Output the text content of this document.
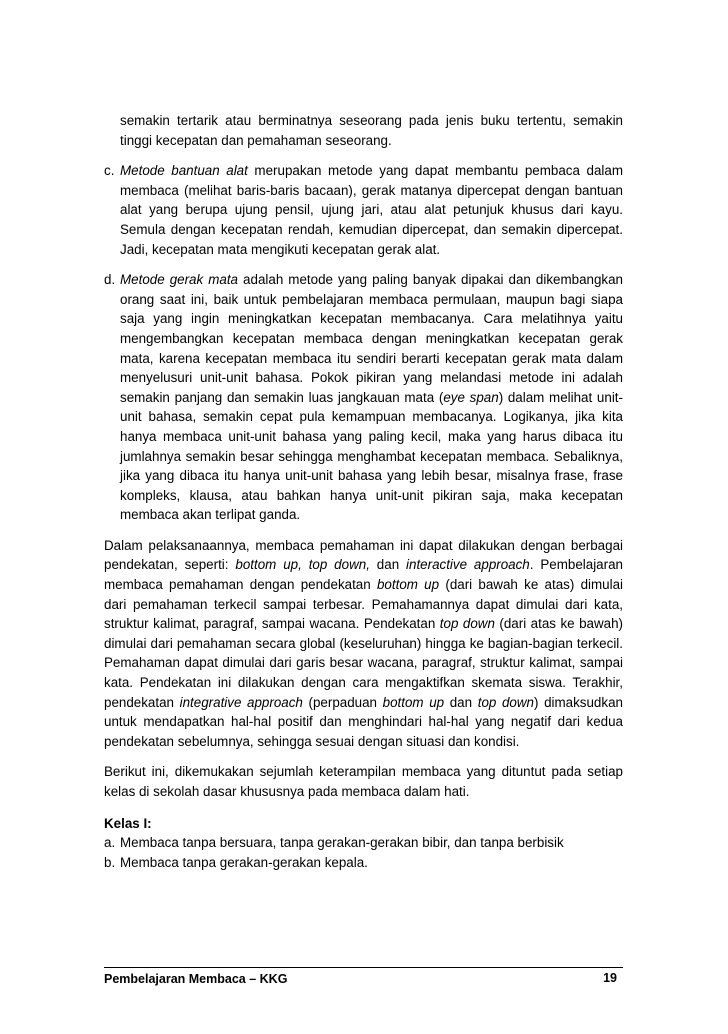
semakin tertarik atau berminatnya seseorang pada jenis buku tertentu, semakin tinggi kecepatan dan pemahaman seseorang.

c. Metode bantuan alat merupakan metode yang dapat membantu pembaca dalam membaca (melihat baris-baris bacaan), gerak matanya dipercepat dengan bantuan alat yang berupa ujung pensil, ujung jari, atau alat petunjuk khusus dari kayu. Semula dengan kecepatan rendah, kemudian dipercepat, dan semakin dipercepat. Jadi, kecepatan mata mengikuti kecepatan gerak alat.
d. Metode gerak mata adalah metode yang paling banyak dipakai dan dikembangkan orang saat ini, baik untuk pembelajaran membaca permulaan, maupun bagi siapa saja yang ingin meningkatkan kecepatan membacanya. Cara melatihnya yaitu mengembangkan kecepatan membaca dengan meningkatkan kecepatan gerak mata, karena kecepatan membaca itu sendiri berarti kecepatan gerak mata dalam menyelusuri unit-unit bahasa. Pokok pikiran yang melandasi metode ini adalah semakin panjang dan semakin luas jangkauan mata (eye span) dalam melihat unit-unit bahasa, semakin cepat pula kemampuan membacanya. Logikanya, jika kita hanya membaca unit-unit bahasa yang paling kecil, maka yang harus dibaca itu jumlahnya semakin besar sehingga menghambat kecepatan membaca. Sebaliknya, jika yang dibaca itu hanya unit-unit bahasa yang lebih besar, misalnya frase, frase kompleks, klausa, atau bahkan hanya unit-unit pikiran saja, maka kecepatan membaca akan terlipat ganda.

Dalam pelaksanaannya, membaca pemahaman ini dapat dilakukan dengan berbagai pendekatan, seperti: bottom up, top down, dan interactive approach. Pembelajaran membaca pemahaman dengan pendekatan bottom up (dari bawah ke atas) dimulai dari pemahaman terkecil sampai terbesar. Pemahamannya dapat dimulai dari kata, struktur kalimat, paragraf, sampai wacana. Pendekatan top down (dari atas ke bawah) dimulai dari pemahaman secara global (keseluruhan) hingga ke bagian-bagian terkecil. Pemahaman dapat dimulai dari garis besar wacana, paragraf, struktur kalimat, sampai kata. Pendekatan ini dilakukan dengan cara mengaktifkan skemata siswa. Terakhir, pendekatan integrative approach (perpaduan bottom up dan top down) dimaksudkan untuk mendapatkan hal-hal positif dan menghindari hal-hal yang negatif dari kedua pendekatan sebelumnya, sehingga sesuai dengan situasi dan kondisi.

Berikut ini, dikemukakan sejumlah keterampilan membaca yang dituntut pada setiap kelas di sekolah dasar khususnya pada membaca dalam hati.

Kelas I:
a. Membaca tanpa bersuara, tanpa gerakan-gerakan bibir, dan tanpa berbisik
b. Membaca tanpa gerakan-gerakan kepala.
Pembelajaran Membaca – KKG	19
